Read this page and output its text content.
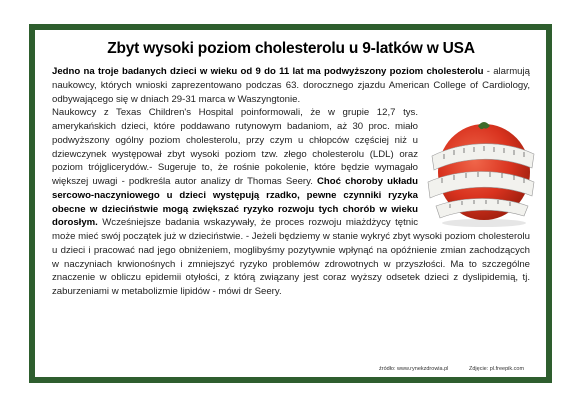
Zbyt wysoki poziom cholesterolu u 9-latków w USA

Jedno na troje badanych dzieci w wieku od 9 do 11 lat ma podwyższony poziom cholesterolu - alarmują naukowcy, których wnioski zaprezentowano podczas 63. dorocznego zjazdu American College of Cardiology, odbywającego się w dniach 29-31 marca w Waszyngtonie.

Naukowcy z Texas Children's Hospital poinformowali, że w grupie 12,7 tys. amerykańskich dzieci, które poddawano rutynowym badaniom, aż 30 proc. miało podwyższony ogólny poziom cholesterolu, przy czym u chłopców częściej niż u dziewczynek występował zbyt wysoki poziom tzw. złego cholesterolu (LDL) oraz poziom trójglicerydów.- Sugeruje to, że rośnie pokolenie, które będzie wymagało większej uwagi - podkreśla autor analizy dr Thomas Seery. Choć choroby układu sercowo-naczyniowego u dzieci występują rzadko, pewne czynniki ryzyka obecne w dzieciństwie mogą zwiększać ryzyko rozwoju tych chorób w wieku dorosłym. Wcześniejsze badania wskazywały, że proces rozwoju miażdżycy tętnic może mieć swój początek już w dzieciństwie. - Jeżeli będziemy w stanie wykryć zbyt wysoki poziom cholesterolu u dzieci i pracować nad jego obniżeniem, moglibyśmy pozytywnie wpłynąć na opóźnienie zmian zachodzących w naczyniach krwionośnych i zmniejszyć ryzyko problemów zdrowotnych w przyszłości. Ma to szczególne znaczenie w obliczu epidemii otyłości, z którą związany jest coraz wyższy odsetek dzieci z dyslipidemią, tj. zaburzeniami w metabolizmie lipidów - mówi dr Seery.

źródło: www.rynekzdrowia.pl	Zdjęcie: pl.freepik.com
